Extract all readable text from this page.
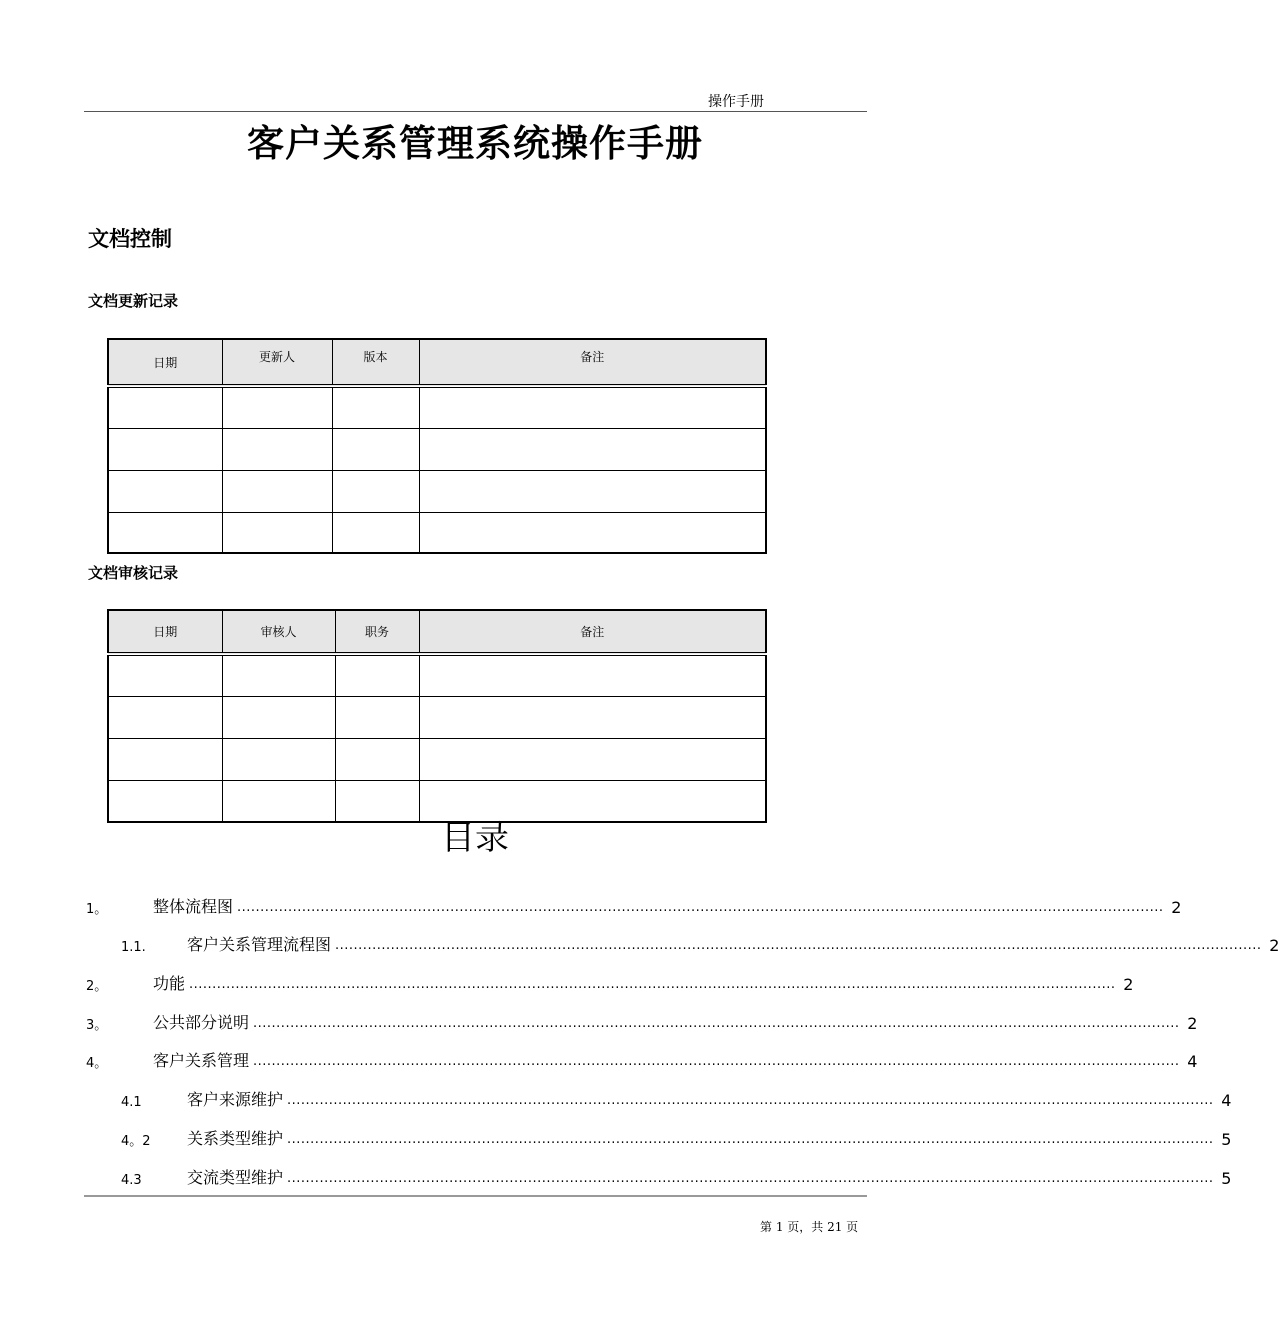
操作手册
客户关系管理系统操作手册
文档控制
文档更新记录
日期	更新人	版本	备注

文档审核记录
日期	审核人	职务	备注

目录
1。	整体流程图 ........................................................................................................................................................................................................ 2
1.1.	客户关系管理流程图 ........................................................................................................................................................................................................ 2
2。	功能 ........................................................................................................................................................................................................ 2
3。	公共部分说明 ........................................................................................................................................................................................................ 2
4。	客户关系管理 ........................................................................................................................................................................................................ 4
4.1	客户来源维护 ........................................................................................................................................................................................................ 4
4。2	关系类型维护 ........................................................................................................................................................................................................ 5
4.3	交流类型维护 ........................................................................................................................................................................................................ 5
第 1 页，共 21 页
